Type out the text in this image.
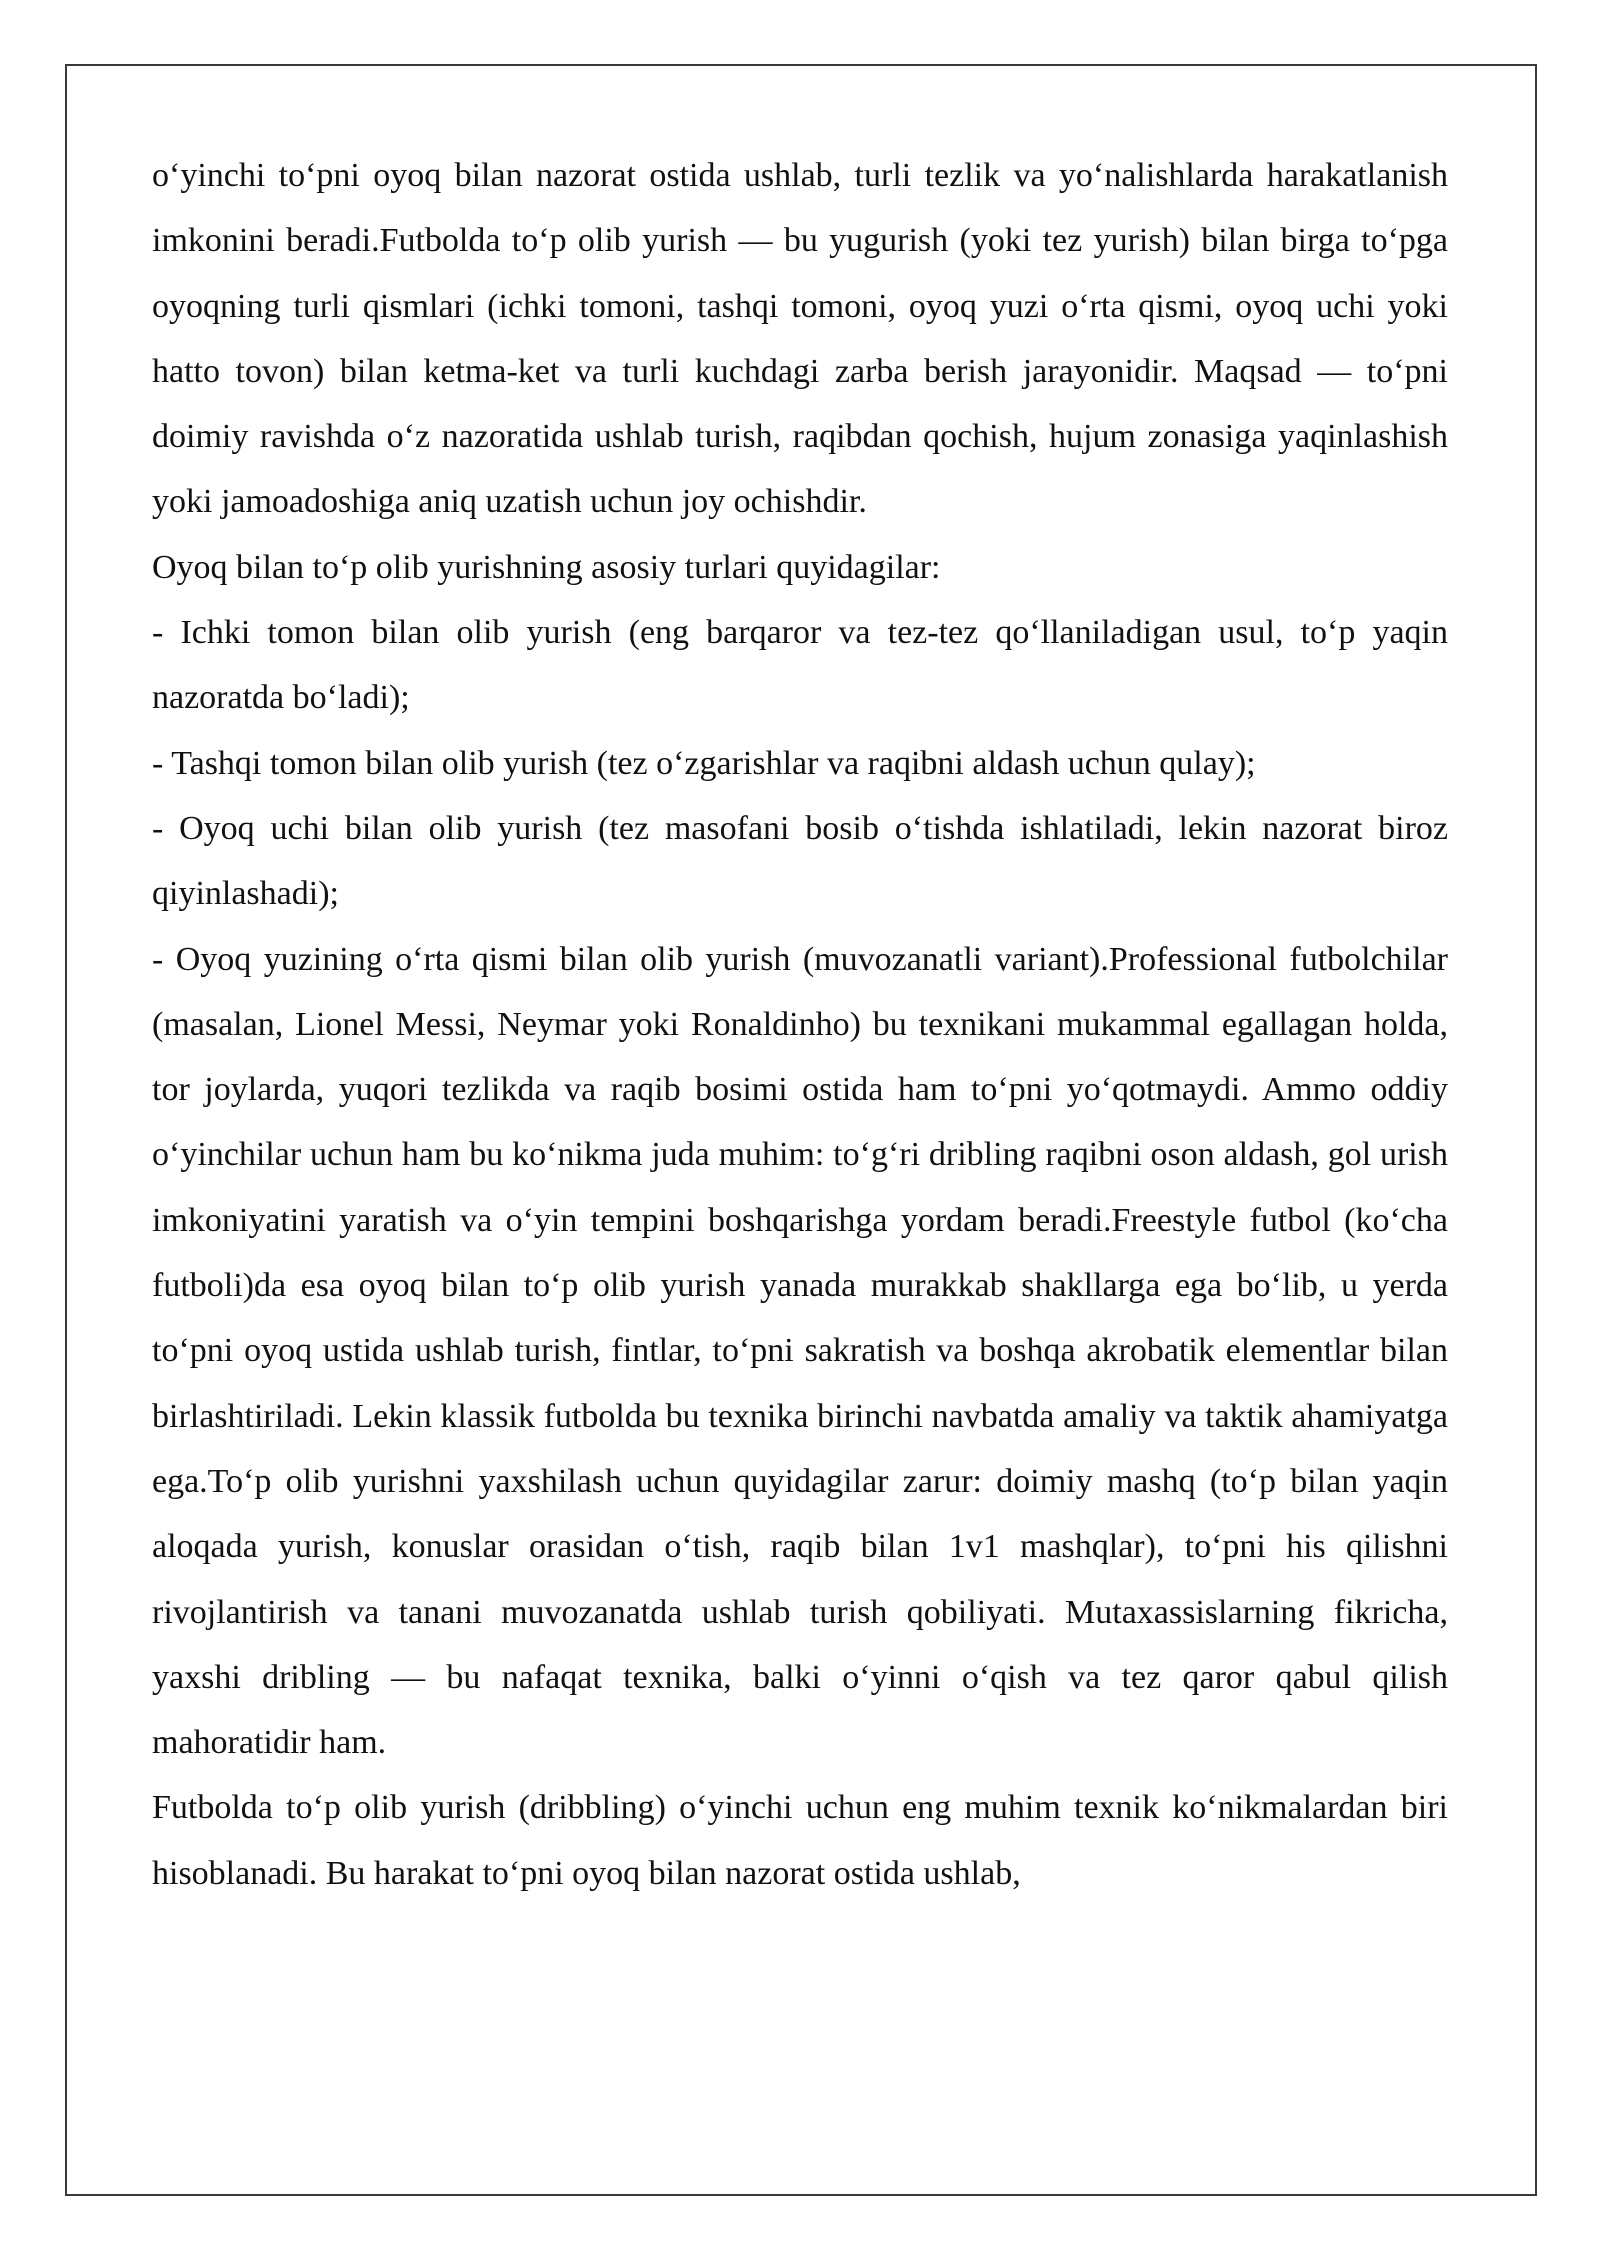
o‘yinchi to‘pni oyoq bilan nazorat ostida ushlab, turli tezlik va yo‘nalishlarda harakatlanish imkonini beradi.Futbolda to‘p olib yurish — bu yugurish (yoki tez yurish) bilan birga to‘pga oyoqning turli qismlari (ichki tomoni, tashqi tomoni, oyoq yuzi o‘rta qismi, oyoq uchi yoki hatto tovon) bilan ketma-ket va turli kuchdagi zarba berish jarayonidir. Maqsad — to‘pni doimiy ravishda o‘z nazoratida ushlab turish, raqibdan qochish, hujum zonasiga yaqinlashish yoki jamoadoshiga aniq uzatish uchun joy ochishdir.

Oyoq bilan to‘p olib yurishning asosiy turlari quyidagilar:

- Ichki tomon bilan olib yurish (eng barqaror va tez-tez qo‘llaniladigan usul, to‘p yaqin nazoratda bo‘ladi);

- Tashqi tomon bilan olib yurish (tez o‘zgarishlar va raqibni aldash uchun qulay);

- Oyoq uchi bilan olib yurish (tez masofani bosib o‘tishda ishlatiladi, lekin nazorat biroz qiyinlashadi);

- Oyoq yuzining o‘rta qismi bilan olib yurish (muvozanatli variant).Professional futbolchilar (masalan, Lionel Messi, Neymar yoki Ronaldinho) bu texnikani mukammal egallagan holda, tor joylarda, yuqori tezlikda va raqib bosimi ostida ham to‘pni yo‘qotmaydi. Ammo oddiy o‘yinchilar uchun ham bu ko‘nikma juda muhim: to‘g‘ri dribling raqibni oson aldash, gol urish imkoniyatini yaratish va o‘yin tempini boshqarishga yordam beradi.Freestyle futbol (ko‘cha futboli)da esa oyoq bilan to‘p olib yurish yanada murakkab shakllarga ega bo‘lib, u yerda to‘pni oyoq ustida ushlab turish, fintlar, to‘pni sakratish va boshqa akrobatik elementlar bilan birlashtiriladi. Lekin klassik futbolda bu texnika birinchi navbatda amaliy va taktik ahamiyatga ega.To‘p olib yurishni yaxshilash uchun quyidagilar zarur: doimiy mashq (to‘p bilan yaqin aloqada yurish, konuslar orasidan o‘tish, raqib bilan 1v1 mashqlar), to‘pni his qilishni rivojlantirish va tanani muvozanatda ushlab turish qobiliyati. Mutaxassislarning fikricha, yaxshi dribling — bu nafaqat texnika, balki o‘yinni o‘qish va tez qaror qabul qilish mahoratidir ham.

Futbolda to‘p olib yurish (dribbling) o‘yinchi uchun eng muhim texnik ko‘nikmalardan biri hisoblanadi. Bu harakat to‘pni oyoq bilan nazorat ostida ushlab,
